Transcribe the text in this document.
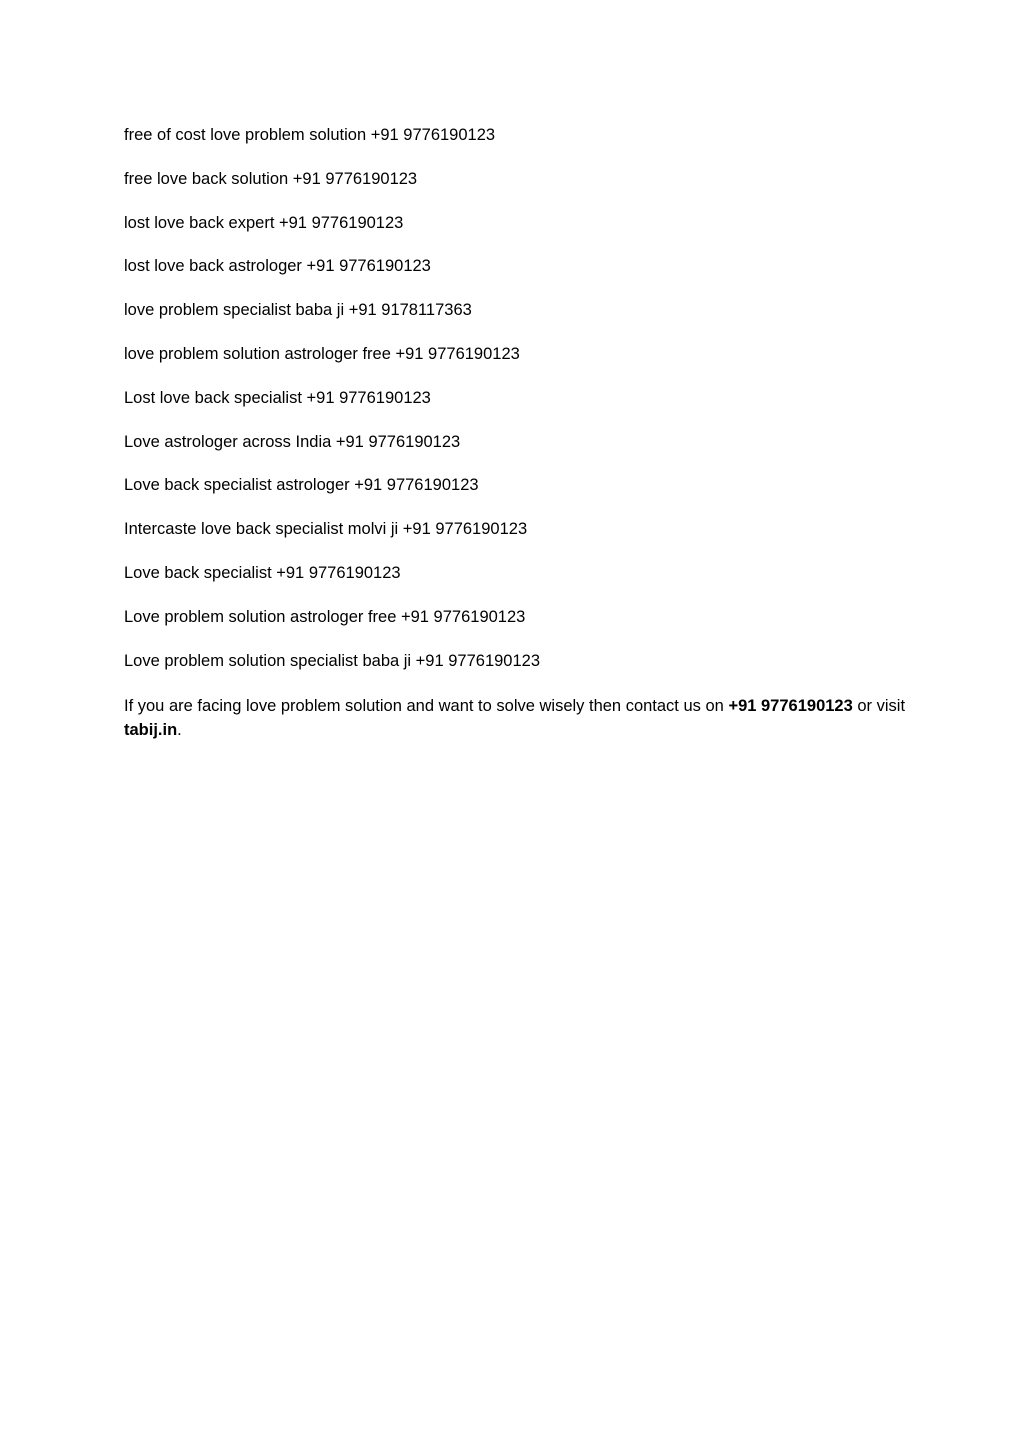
free of cost love problem solution +91 9776190123
free love back solution +91 9776190123
lost love back expert +91 9776190123
lost love back astrologer +91 9776190123
love problem specialist baba ji +91 9178117363
love problem solution astrologer free +91 9776190123
Lost love back specialist +91 9776190123
Love astrologer across India +91 9776190123
Love back specialist astrologer +91 9776190123
Intercaste love back specialist molvi ji +91 9776190123
Love back specialist +91 9776190123
Love problem solution astrologer free +91 9776190123
Love problem solution specialist baba ji +91 9776190123
If you are facing love problem solution and want to solve wisely then contact us on +91 9776190123 or visit tabij.in.
